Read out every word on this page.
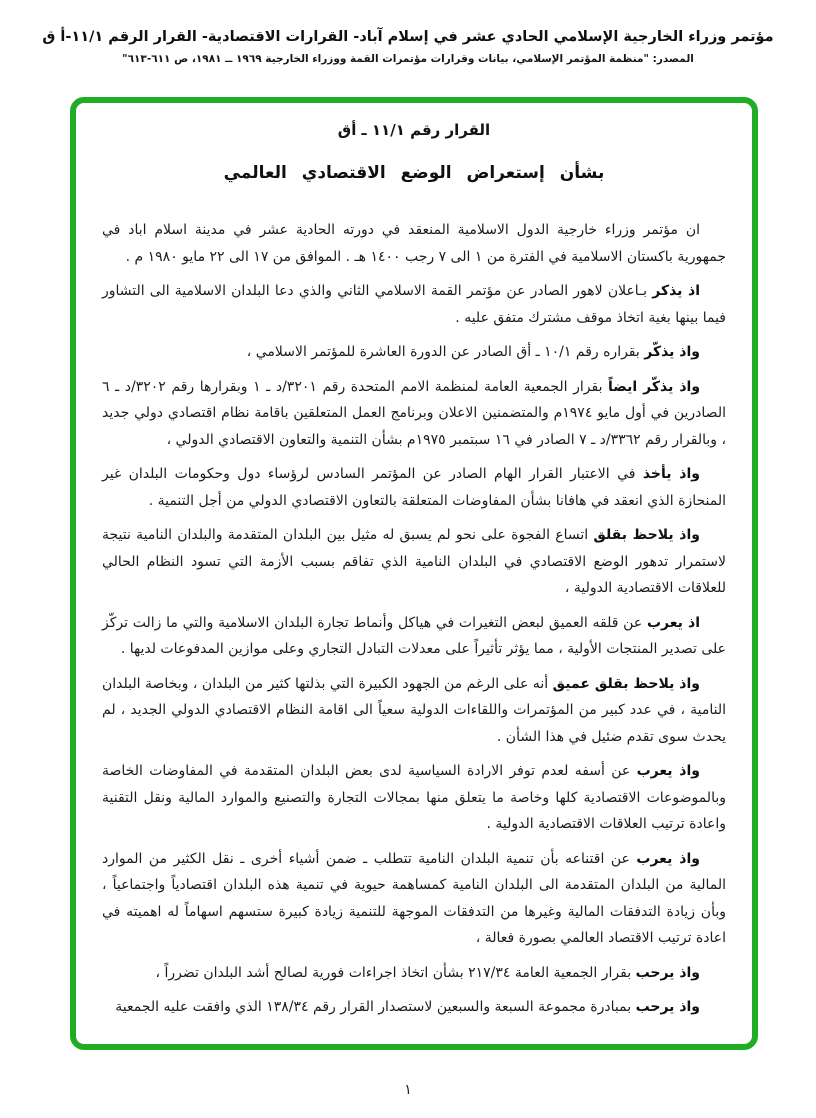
مؤتمر وزراء الخارجية الإسلامي الحادي عشر في إسلام آباد- القرارات الاقتصادية- القرار الرقم ١١/١-أ ق
المصدر: "منظمة المؤتمر الإسلامي، بيانات وقرارات مؤتمرات القمة ووزراء الخارجية ١٩٦٩ ــ ١٩٨١، ص ٦١١-٦١٣"
القرار رقم ١١/١ ـ أق
بشأن إستعراض الوضع الاقتصادي العالمي

ان مؤتمر وزراء خارجية الدول الاسلامية المنعقد في دورته الحادية عشر في مدينة اسلام اباد في جمهورية باكستان الاسلامية في الفترة من ١ الى ٧ رجب ١٤٠٠ هـ . الموافق من ١٧ الى ٢٢ مايو ١٩٨٠ م .

اذ يذكر بـاعلان لاهور الصادر عن مؤتمر القمة الاسلامي الثاني والذي دعا البلدان الاسلامية الى التشاور فيما بينها بغية اتخاذ موقف مشترك متفق عليه .

واذ يذكّر بقراره رقم ١٠/١ ـ أق الصادر عن الدورة العاشرة للمؤتمر الاسلامي ،

واذ يذكّر ايضاً بقرار الجمعية العامة لمنظمة الامم المتحدة رقم ٣٢٠١/د ـ ١ وبقرارها رقم ٣٢٠٢/د ـ ٦ الصادرين في أول مايو ١٩٧٤م والمتضمنين الاعلان وبرنامج العمل المتعلقين باقامة نظام اقتصادي دولي جديد ، وبالقرار رقم ٣٣٦٢/د ـ ٧ الصادر في ١٦ سبتمبر ١٩٧٥م بشأن التنمية والتعاون الاقتصادي الدولي ،

واذ يأخذ في الاعتبار القرار الهام الصادر عن المؤتمر السادس لرؤساء دول وحكومات البلدان غير المنحازة الذي انعقد في هافانا بشأن المفاوضات المتعلقة بالتعاون الاقتصادي الدولي من أجل التنمية .

واذ يلاحظ بقلق اتساع الفجوة على نحو لم يسبق له مثيل بين البلدان المتقدمة والبلدان النامية نتيجة لاستمرار تدهور الوضع الاقتصادي في البلدان النامية الذي تفاقم بسبب الأزمة التي تسود النظام الحالي للعلاقات الاقتصادية الدولية ،

اذ يعرب عن قلقه العميق لبعض التغيرات في هياكل وأنماط تجارة البلدان الاسلامية والتي ما زالت تركّز على تصدير المنتجات الأولية ، مما يؤثر تأثيراً على معدلات التبادل التجاري وعلى موازين المدفوعات لديها .

واذ يلاحظ بقلق عميق أنه على الرغم من الجهود الكبيرة التي بذلتها كثير من البلدان ، وبخاصة البلدان النامية ، في عدد كبير من المؤتمرات واللقاءات الدولية سعياً الى اقامة النظام الاقتصادي الدولي الجديد ، لم يحدث سوى تقدم ضئيل في هذا الشأن .

واذ يعرب عن أسفه لعدم توفر الارادة السياسية لدى بعض البلدان المتقدمة في المفاوضات الخاصة وبالموضوعات الاقتصادية كلها وخاصة ما يتعلق منها بمجالات التجارة والتصنيع والموارد المالية ونقل التقنية واعادة ترتيب العلاقات الاقتصادية الدولية .

واذ يعرب عن اقتناعه بأن تنمية البلدان النامية تتطلب ـ ضمن أشياء أخرى ـ نقل الكثير من الموارد المالية من البلدان المتقدمة الى البلدان النامية كمساهمة حيوية في تنمية هذه البلدان اقتصادياً واجتماعياً ، وبأن زيادة التدفقات المالية وغيرها من التدفقات الموجهة للتنمية زيادة كبيرة ستسهم اسهاماً له اهميته في اعادة ترتيب الاقتصاد العالمي بصورة فعالة ،

واذ يرحب بقرار الجمعية العامة ٢١٧/٣٤ بشأن اتخاذ اجراءات فورية لصالح أشد البلدان تضرراً ،

واذ يرحب بمبادرة مجموعة السبعة والسبعين لاستصدار القرار رقم ١٣٨/٣٤ الذي وافقت عليه الجمعية

١
